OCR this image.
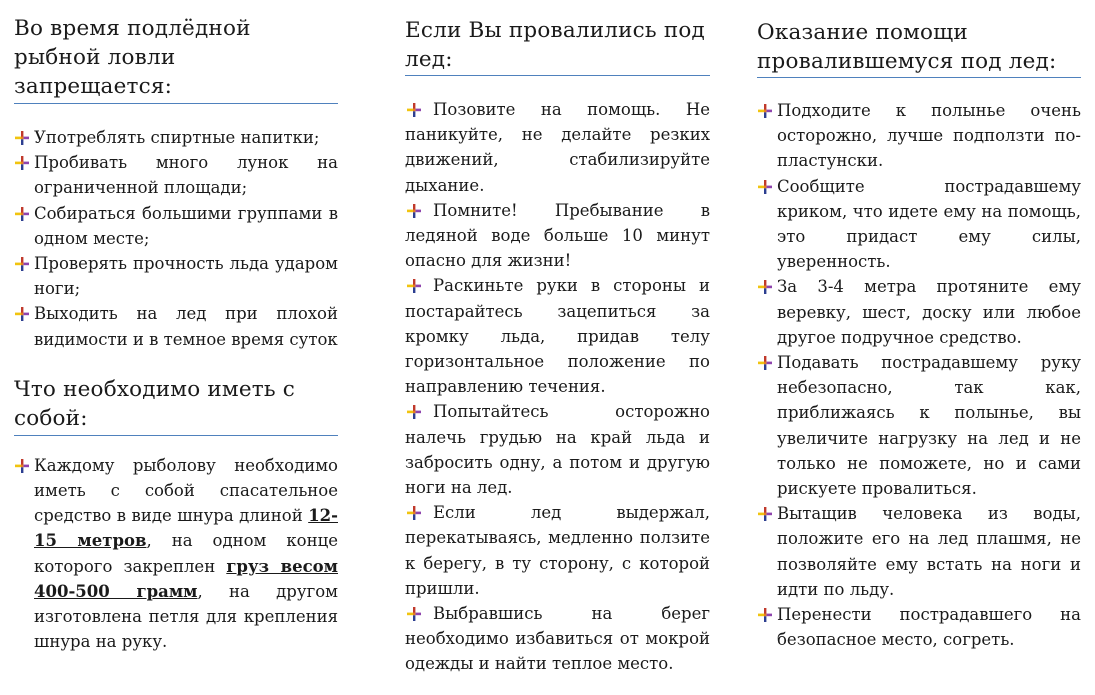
Во время подлёдной рыбной ловли запрещается:
Употреблять спиртные напитки;
Пробивать много лунок на ограниченной площади;
Собираться большими группами в одном месте;
Проверять прочность льда ударом ноги;
Выходить на лед при плохой видимости и в темное время суток
Что необходимо иметь с собой:
Каждому рыболову необходимо иметь с собой спасательное средство в виде шнура длиной 12-15 метров, на одном конце которого закреплен груз весом 400-500 грамм, на другом изготовлена петля для крепления шнура на руку.
Если Вы провалились под лед:
Позовите на помощь. Не паникуйте, не делайте резких движений, стабилизируйте дыхание.
Помните! Пребывание в ледяной воде больше 10 минут опасно для жизни!
Раскиньте руки в стороны и постарайтесь зацепиться за кромку льда, придав телу горизонтальное положение по направлению течения.
Попытайтесь осторожно налечь грудью на край льда и забросить одну, а потом и другую ноги на лед.
Если лед выдержал, перекатываясь, медленно ползите к берегу, в ту сторону, с которой пришли.
Выбравшись на берег необходимо избавиться от мокрой одежды и найти теплое место.
Оказание помощи провалившемуся под лед:
Подходите к полынье очень осторожно, лучше подползти по-пластунски.
Сообщите пострадавшему криком, что идете ему на помощь, это придаст ему силы, уверенность.
За 3-4 метра протяните ему веревку, шест, доску или любое другое подручное средство.
Подавать пострадавшему руку небезопасно, так как, приближаясь к полынье, вы увеличите нагрузку на лед и не только не поможете, но и сами рискуете провалиться.
Вытащив человека из воды, положите его на лед плашмя, не позволяйте ему встать на ноги и идти по льду.
Перенести пострадавшего на безопасное место, согреть.
